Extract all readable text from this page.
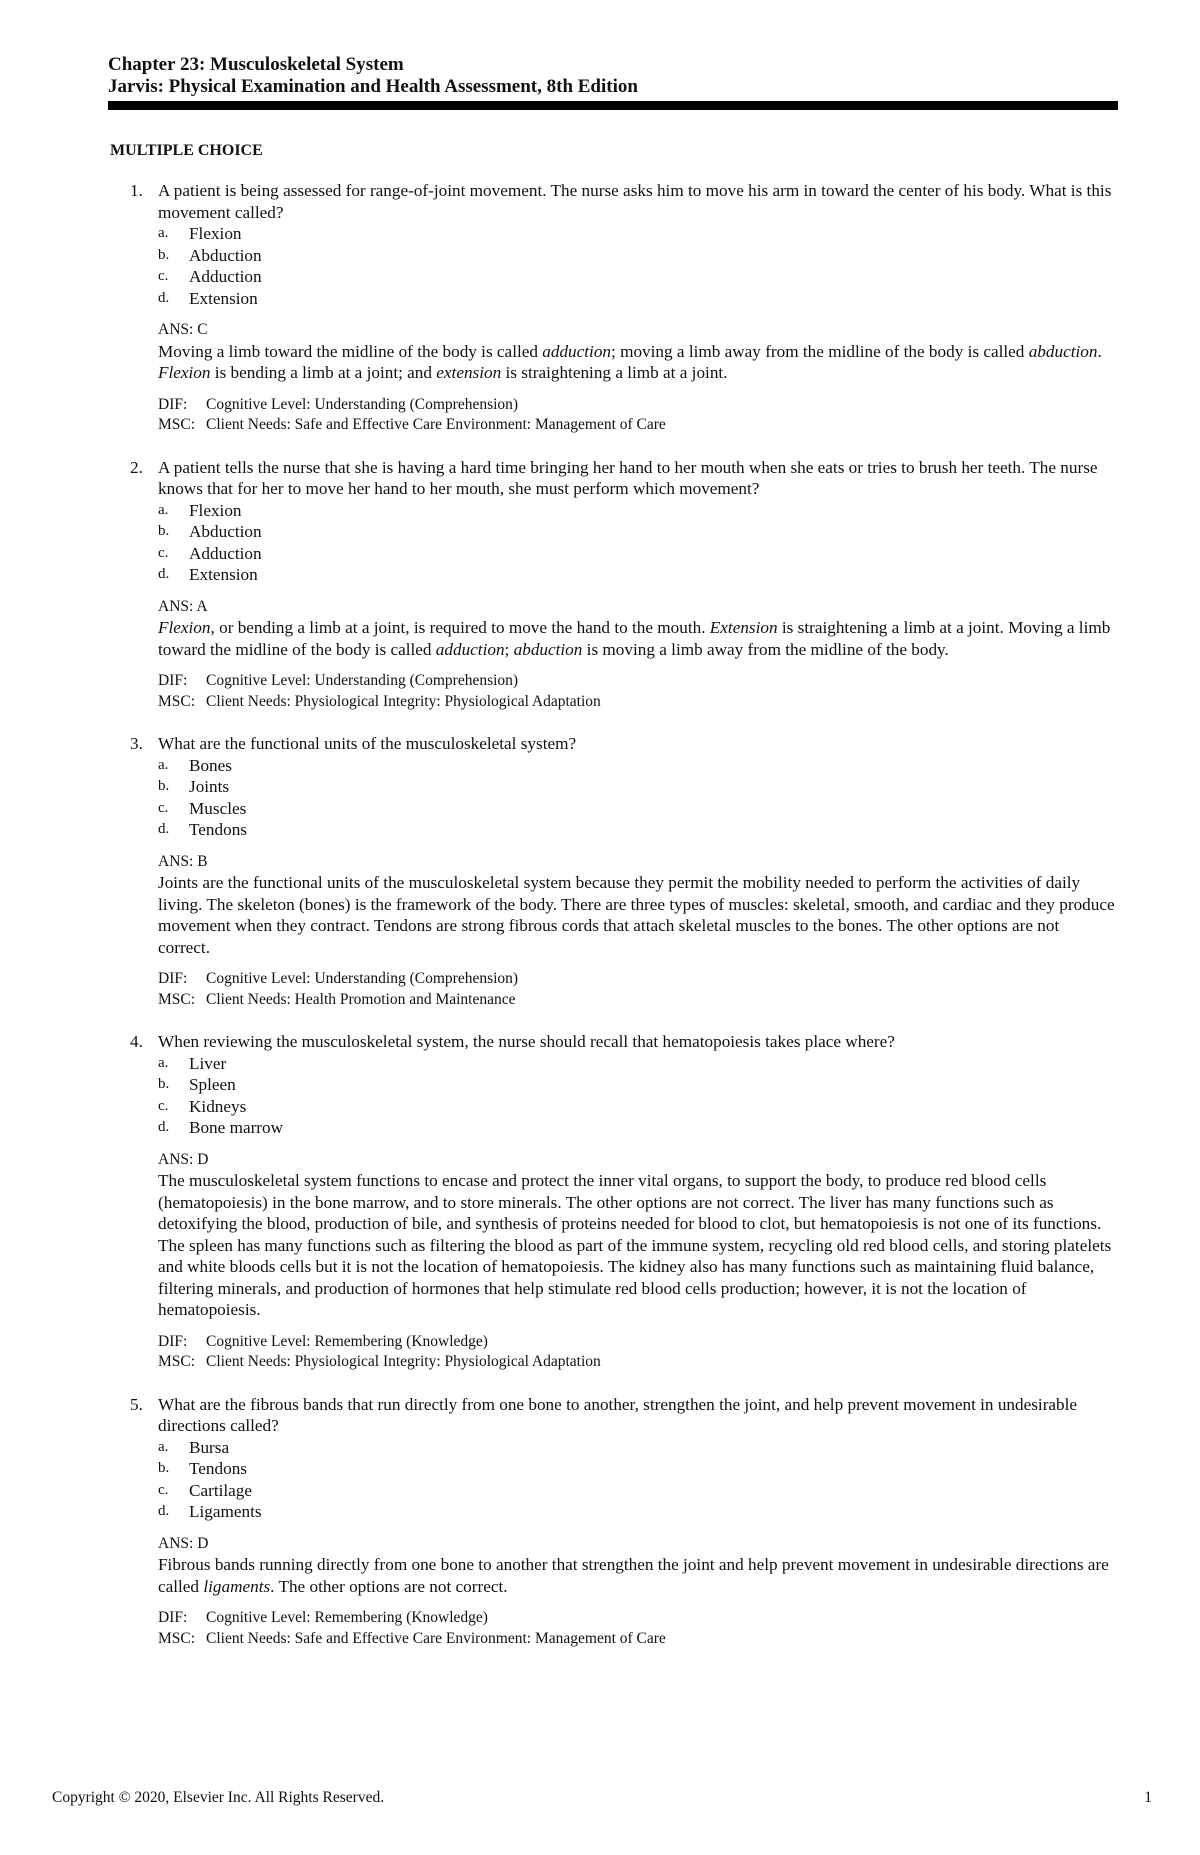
Chapter 23: Musculoskeletal System
Jarvis: Physical Examination and Health Assessment, 8th Edition
MULTIPLE CHOICE
1. A patient is being assessed for range-of-joint movement. The nurse asks him to move his arm in toward the center of his body. What is this movement called?
a.	Flexion
b.	Abduction
c.	Adduction
d.	Extension
ANS: C
Moving a limb toward the midline of the body is called adduction; moving a limb away from the midline of the body is called abduction. Flexion is bending a limb at a joint; and extension is straightening a limb at a joint.
DIF:	Cognitive Level: Understanding (Comprehension)
MSC: Client Needs: Safe and Effective Care Environment: Management of Care
2. A patient tells the nurse that she is having a hard time bringing her hand to her mouth when she eats or tries to brush her teeth. The nurse knows that for her to move her hand to her mouth, she must perform which movement?
a.	Flexion
b.	Abduction
c.	Adduction
d.	Extension
ANS: A
Flexion, or bending a limb at a joint, is required to move the hand to the mouth. Extension is straightening a limb at a joint. Moving a limb toward the midline of the body is called adduction; abduction is moving a limb away from the midline of the body.
DIF:	Cognitive Level: Understanding (Comprehension)
MSC: Client Needs: Physiological Integrity: Physiological Adaptation
3. What are the functional units of the musculoskeletal system?
a.	Bones
b.	Joints
c.	Muscles
d.	Tendons
ANS: B
Joints are the functional units of the musculoskeletal system because they permit the mobility needed to perform the activities of daily living. The skeleton (bones) is the framework of the body. There are three types of muscles: skeletal, smooth, and cardiac and they produce movement when they contract. Tendons are strong fibrous cords that attach skeletal muscles to the bones. The other options are not correct.
DIF:	Cognitive Level: Understanding (Comprehension)
MSC: Client Needs: Health Promotion and Maintenance
4. When reviewing the musculoskeletal system, the nurse should recall that hematopoiesis takes place where?
a.	Liver
b.	Spleen
c.	Kidneys
d.	Bone marrow
ANS: D
The musculoskeletal system functions to encase and protect the inner vital organs, to support the body, to produce red blood cells (hematopoiesis) in the bone marrow, and to store minerals. The other options are not correct. The liver has many functions such as detoxifying the blood, production of bile, and synthesis of proteins needed for blood to clot, but hematopoiesis is not one of its functions. The spleen has many functions such as filtering the blood as part of the immune system, recycling old red blood cells, and storing platelets and white bloods cells but it is not the location of hematopoiesis. The kidney also has many functions such as maintaining fluid balance, filtering minerals, and production of hormones that help stimulate red blood cells production; however, it is not the location of hematopoiesis.
DIF:	Cognitive Level: Remembering (Knowledge)
MSC: Client Needs: Physiological Integrity: Physiological Adaptation
5. What are the fibrous bands that run directly from one bone to another, strengthen the joint, and help prevent movement in undesirable directions called?
a.	Bursa
b.	Tendons
c.	Cartilage
d.	Ligaments
ANS: D
Fibrous bands running directly from one bone to another that strengthen the joint and help prevent movement in undesirable directions are called ligaments. The other options are not correct.
DIF:	Cognitive Level: Remembering (Knowledge)
MSC: Client Needs: Safe and Effective Care Environment: Management of Care
Copyright © 2020, Elsevier Inc. All Rights Reserved.	1
